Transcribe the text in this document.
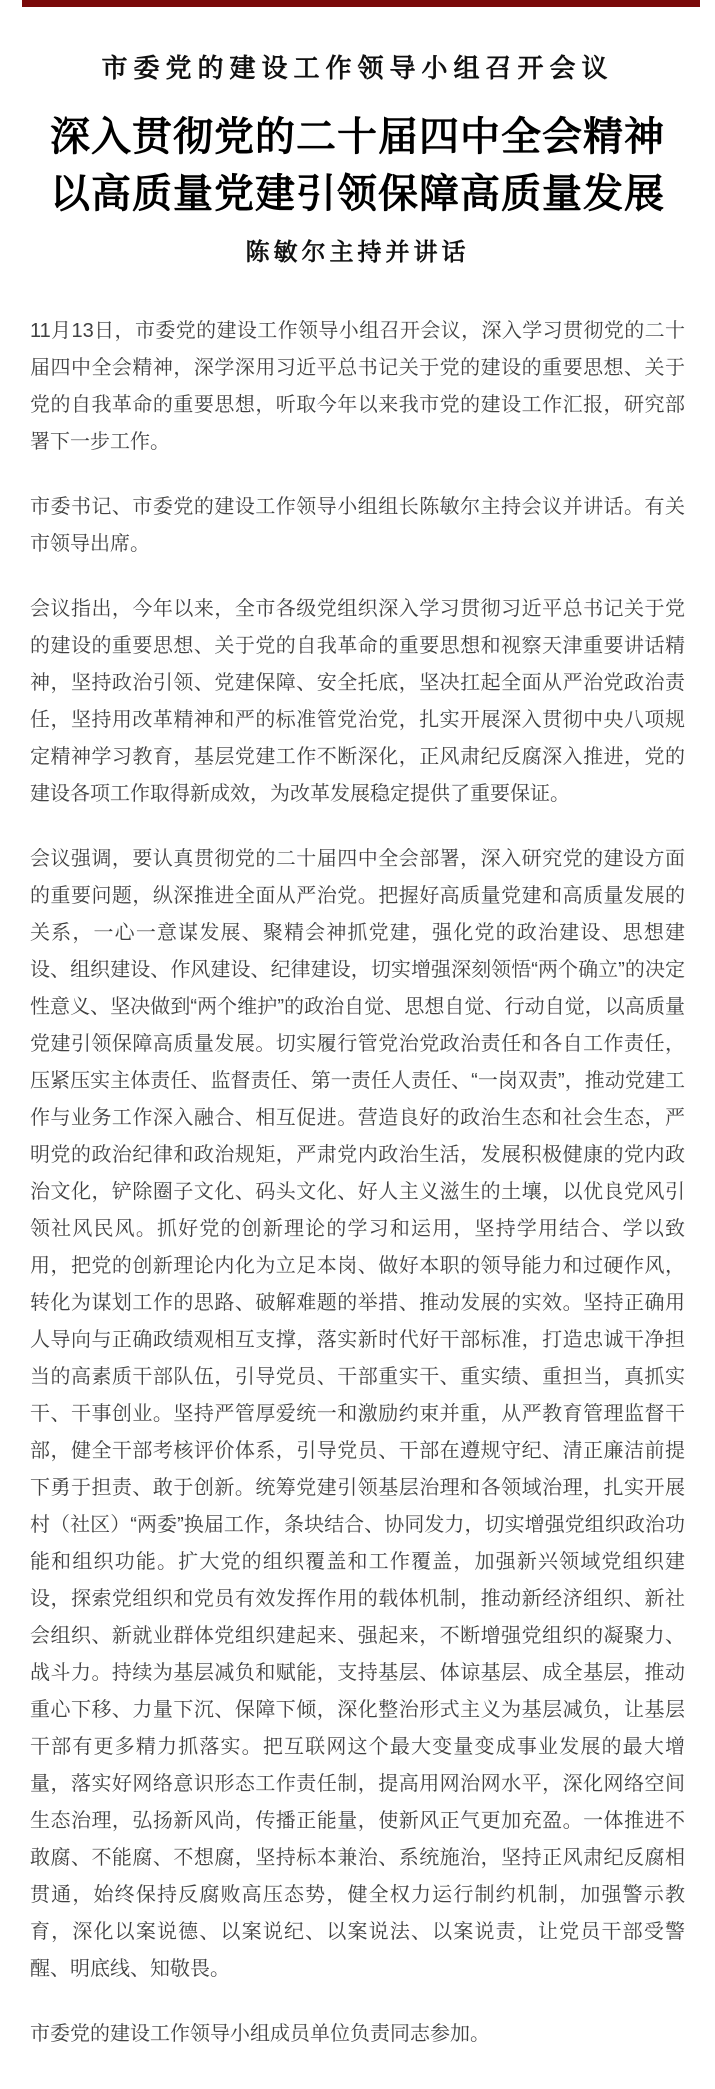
市委党的建设工作领导小组召开会议
深入贯彻党的二十届四中全会精神
以高质量党建引领保障高质量发展
陈敏尔主持并讲话

11月13日，市委党的建设工作领导小组召开会议，深入学习贯彻党的二十届四中全会精神，深学深用习近平总书记关于党的建设的重要思想、关于党的自我革命的重要思想，听取今年以来我市党的建设工作汇报，研究部署下一步工作。

市委书记、市委党的建设工作领导小组组长陈敏尔主持会议并讲话。有关市领导出席。

会议指出，今年以来，全市各级党组织深入学习贯彻习近平总书记关于党的建设的重要思想、关于党的自我革命的重要思想和视察天津重要讲话精神，坚持政治引领、党建保障、安全托底，坚决扛起全面从严治党政治责任，坚持用改革精神和严的标准管党治党，扎实开展深入贯彻中央八项规定精神学习教育，基层党建工作不断深化，正风肃纪反腐深入推进，党的建设各项工作取得新成效，为改革发展稳定提供了重要保证。

会议强调，要认真贯彻党的二十届四中全会部署，深入研究党的建设方面的重要问题，纵深推进全面从严治党。把握好高质量党建和高质量发展的关系，一心一意谋发展、聚精会神抓党建，强化党的政治建设、思想建设、组织建设、作风建设、纪律建设，切实增强深刻领悟“两个确立”的决定性意义、坚决做到“两个维护”的政治自觉、思想自觉、行动自觉，以高质量党建引领保障高质量发展。切实履行管党治党政治责任和各自工作责任，压紧压实主体责任、监督责任、第一责任人责任、“一岗双责”，推动党建工作与业务工作深入融合、相互促进。营造良好的政治生态和社会生态，严明党的政治纪律和政治规矩，严肃党内政治生活，发展积极健康的党内政治文化，铲除圈子文化、码头文化、好人主义滋生的土壤，以优良党风引领社风民风。抓好党的创新理论的学习和运用，坚持学用结合、学以致用，把党的创新理论内化为立足本岗、做好本职的领导能力和过硬作风，转化为谋划工作的思路、破解难题的举措、推动发展的实效。坚持正确用人导向与正确政绩观相互支撑，落实新时代好干部标准，打造忠诚干净担当的高素质干部队伍，引导党员、干部重实干、重实绩、重担当，真抓实干、干事创业。坚持严管厚爱统一和激励约束并重，从严教育管理监督干部，健全干部考核评价体系，引导党员、干部在遵规守纪、清正廉洁前提下勇于担责、敢于创新。统筹党建引领基层治理和各领域治理，扎实开展村（社区）“两委”换届工作，条块结合、协同发力，切实增强党组织政治功能和组织功能。扩大党的组织覆盖和工作覆盖，加强新兴领域党组织建设，探索党组织和党员有效发挥作用的载体机制，推动新经济组织、新社会组织、新就业群体党组织建起来、强起来，不断增强党组织的凝聚力、战斗力。持续为基层减负和赋能，支持基层、体谅基层、成全基层，推动重心下移、力量下沉、保障下倾，深化整治形式主义为基层减负，让基层干部有更多精力抓落实。把互联网这个最大变量变成事业发展的最大增量，落实好网络意识形态工作责任制，提高用网治网水平，深化网络空间生态治理，弘扬新风尚，传播正能量，使新风正气更加充盈。一体推进不敢腐、不能腐、不想腐，坚持标本兼治、系统施治，坚持正风肃纪反腐相贯通，始终保持反腐败高压态势，健全权力运行制约机制，加强警示教育，深化以案说德、以案说纪、以案说法、以案说责，让党员干部受警醒、明底线、知敬畏。

市委党的建设工作领导小组成员单位负责同志参加。
